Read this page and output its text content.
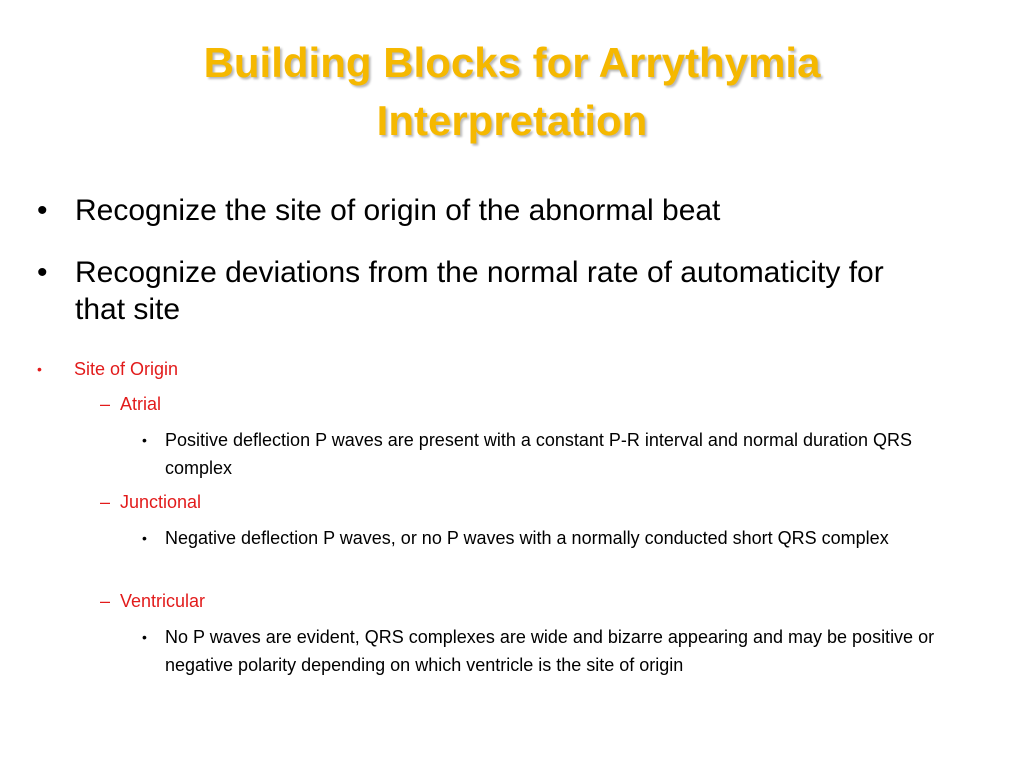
Building Blocks for Arrythymia
Interpretation
• Recognize the site of origin of the abnormal beat
• Recognize deviations from the normal rate of automaticity for that site
• Site of Origin
– Atrial
• Positive deflection P waves are present with a constant P-R interval and normal duration QRS complex
– Junctional
• Negative deflection P waves, or no P waves with a normally conducted short QRS complex
– Ventricular
• No P waves are evident, QRS complexes are wide and bizarre appearing and may be positive or negative polarity depending on which ventricle is the site of origin
